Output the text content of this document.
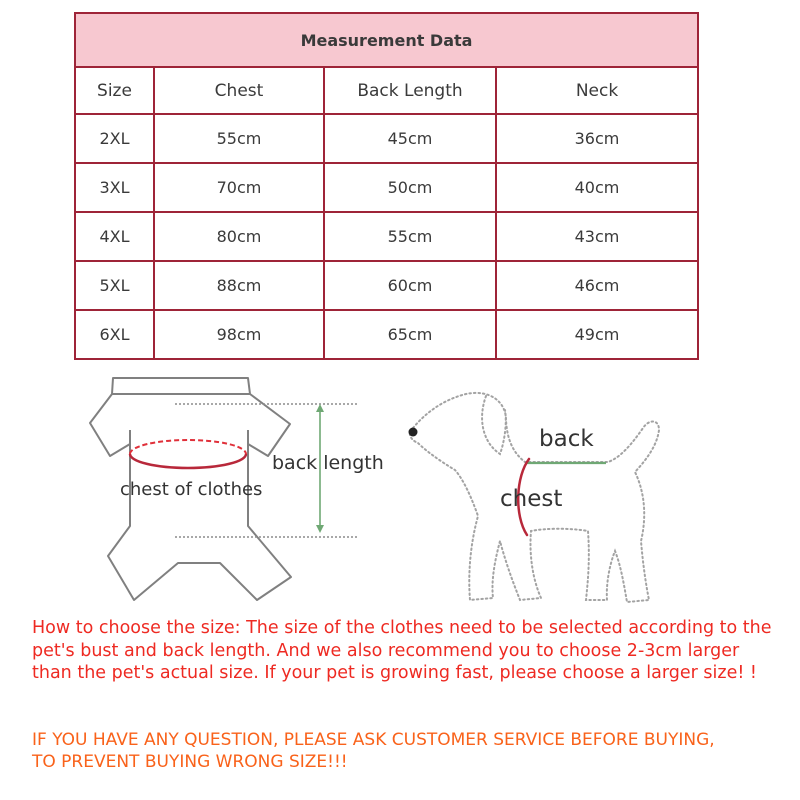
Measurement Data			
Size	Chest	Back Length	Neck
2XL	55cm	45cm	36cm
3XL	70cm	50cm	40cm
4XL	80cm	55cm	43cm
5XL	88cm	60cm	46cm
6XL	98cm	65cm	49cm
back length
chest of clothes
back
chest
How to choose the size: The size of the clothes need to be selected according to the
pet's bust and back length. And we also recommend you to choose 2-3cm larger
than the pet's actual size. If your pet is growing fast, please choose a larger size! !
IF YOU HAVE ANY QUESTION, PLEASE ASK CUSTOMER SERVICE BEFORE BUYING,
TO PREVENT BUYING WRONG SIZE!!!
